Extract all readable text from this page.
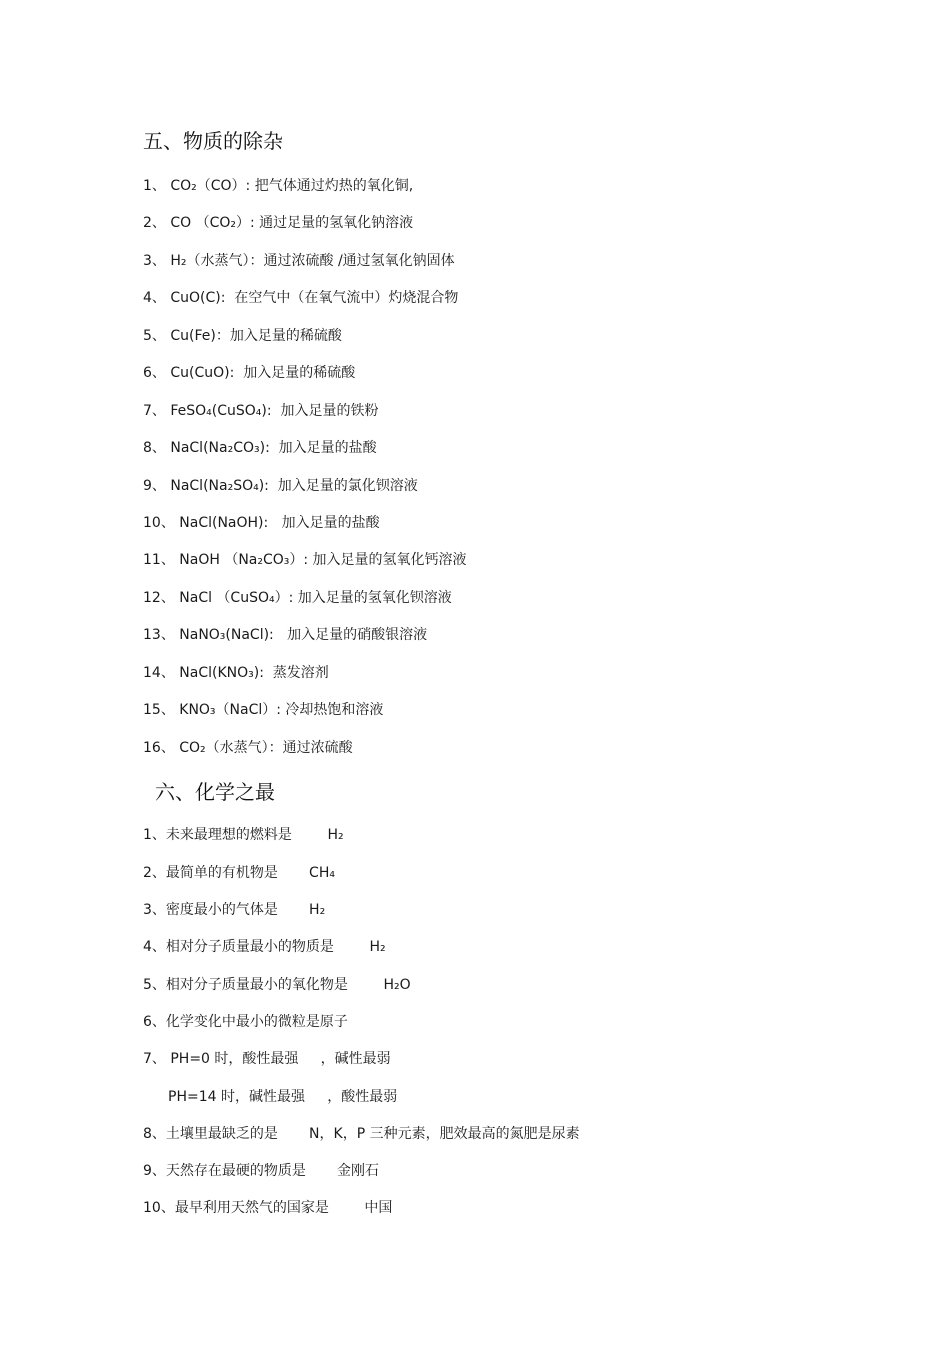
五、物质的除杂
1、 CO₂（CO）: 把气体通过灼热的氧化铜,
2、 CO （CO₂）: 通过足量的氢氧化钠溶液
3、 H₂（水蒸气）：通过浓硫酸 /通过氢氧化钠固体
4、 CuO(C):  在空气中（在氧气流中）灼烧混合物
5、 Cu(Fe)：加入足量的稀硫酸
6、 Cu(CuO):  加入足量的稀硫酸
7、 FeSO₄(CuSO₄):  加入足量的铁粉
8、 NaCl(Na₂CO₃):  加入足量的盐酸
9、 NaCl(Na₂SO₄):  加入足量的氯化钡溶液
10、 NaCl(NaOH):   加入足量的盐酸
11、 NaOH （Na₂CO₃）: 加入足量的氢氧化钙溶液
12、 NaCl （CuSO₄）: 加入足量的氢氧化钡溶液
13、 NaNO₃(NaCl):   加入足量的硝酸银溶液
14、 NaCl(KNO₃):  蒸发溶剂
15、 KNO₃（NaCl）: 冷却热饱和溶液
16、 CO₂（水蒸气）：通过浓硫酸
六、化学之最
1、未来最理想的燃料是        H₂
2、最简单的有机物是       CH₄
3、密度最小的气体是       H₂
4、相对分子质量最小的物质是        H₂
5、相对分子质量最小的氧化物是        H₂O
6、化学变化中最小的微粒是原子
7、 PH=0 时，酸性最强     ，碱性最弱
PH=14 时，碱性最强     ，酸性最弱
8、土壤里最缺乏的是       N，K，P 三种元素，肥效最高的氮肥是尿素
9、天然存在最硬的物质是       金刚石
10、最早利用天然气的国家是        中国
